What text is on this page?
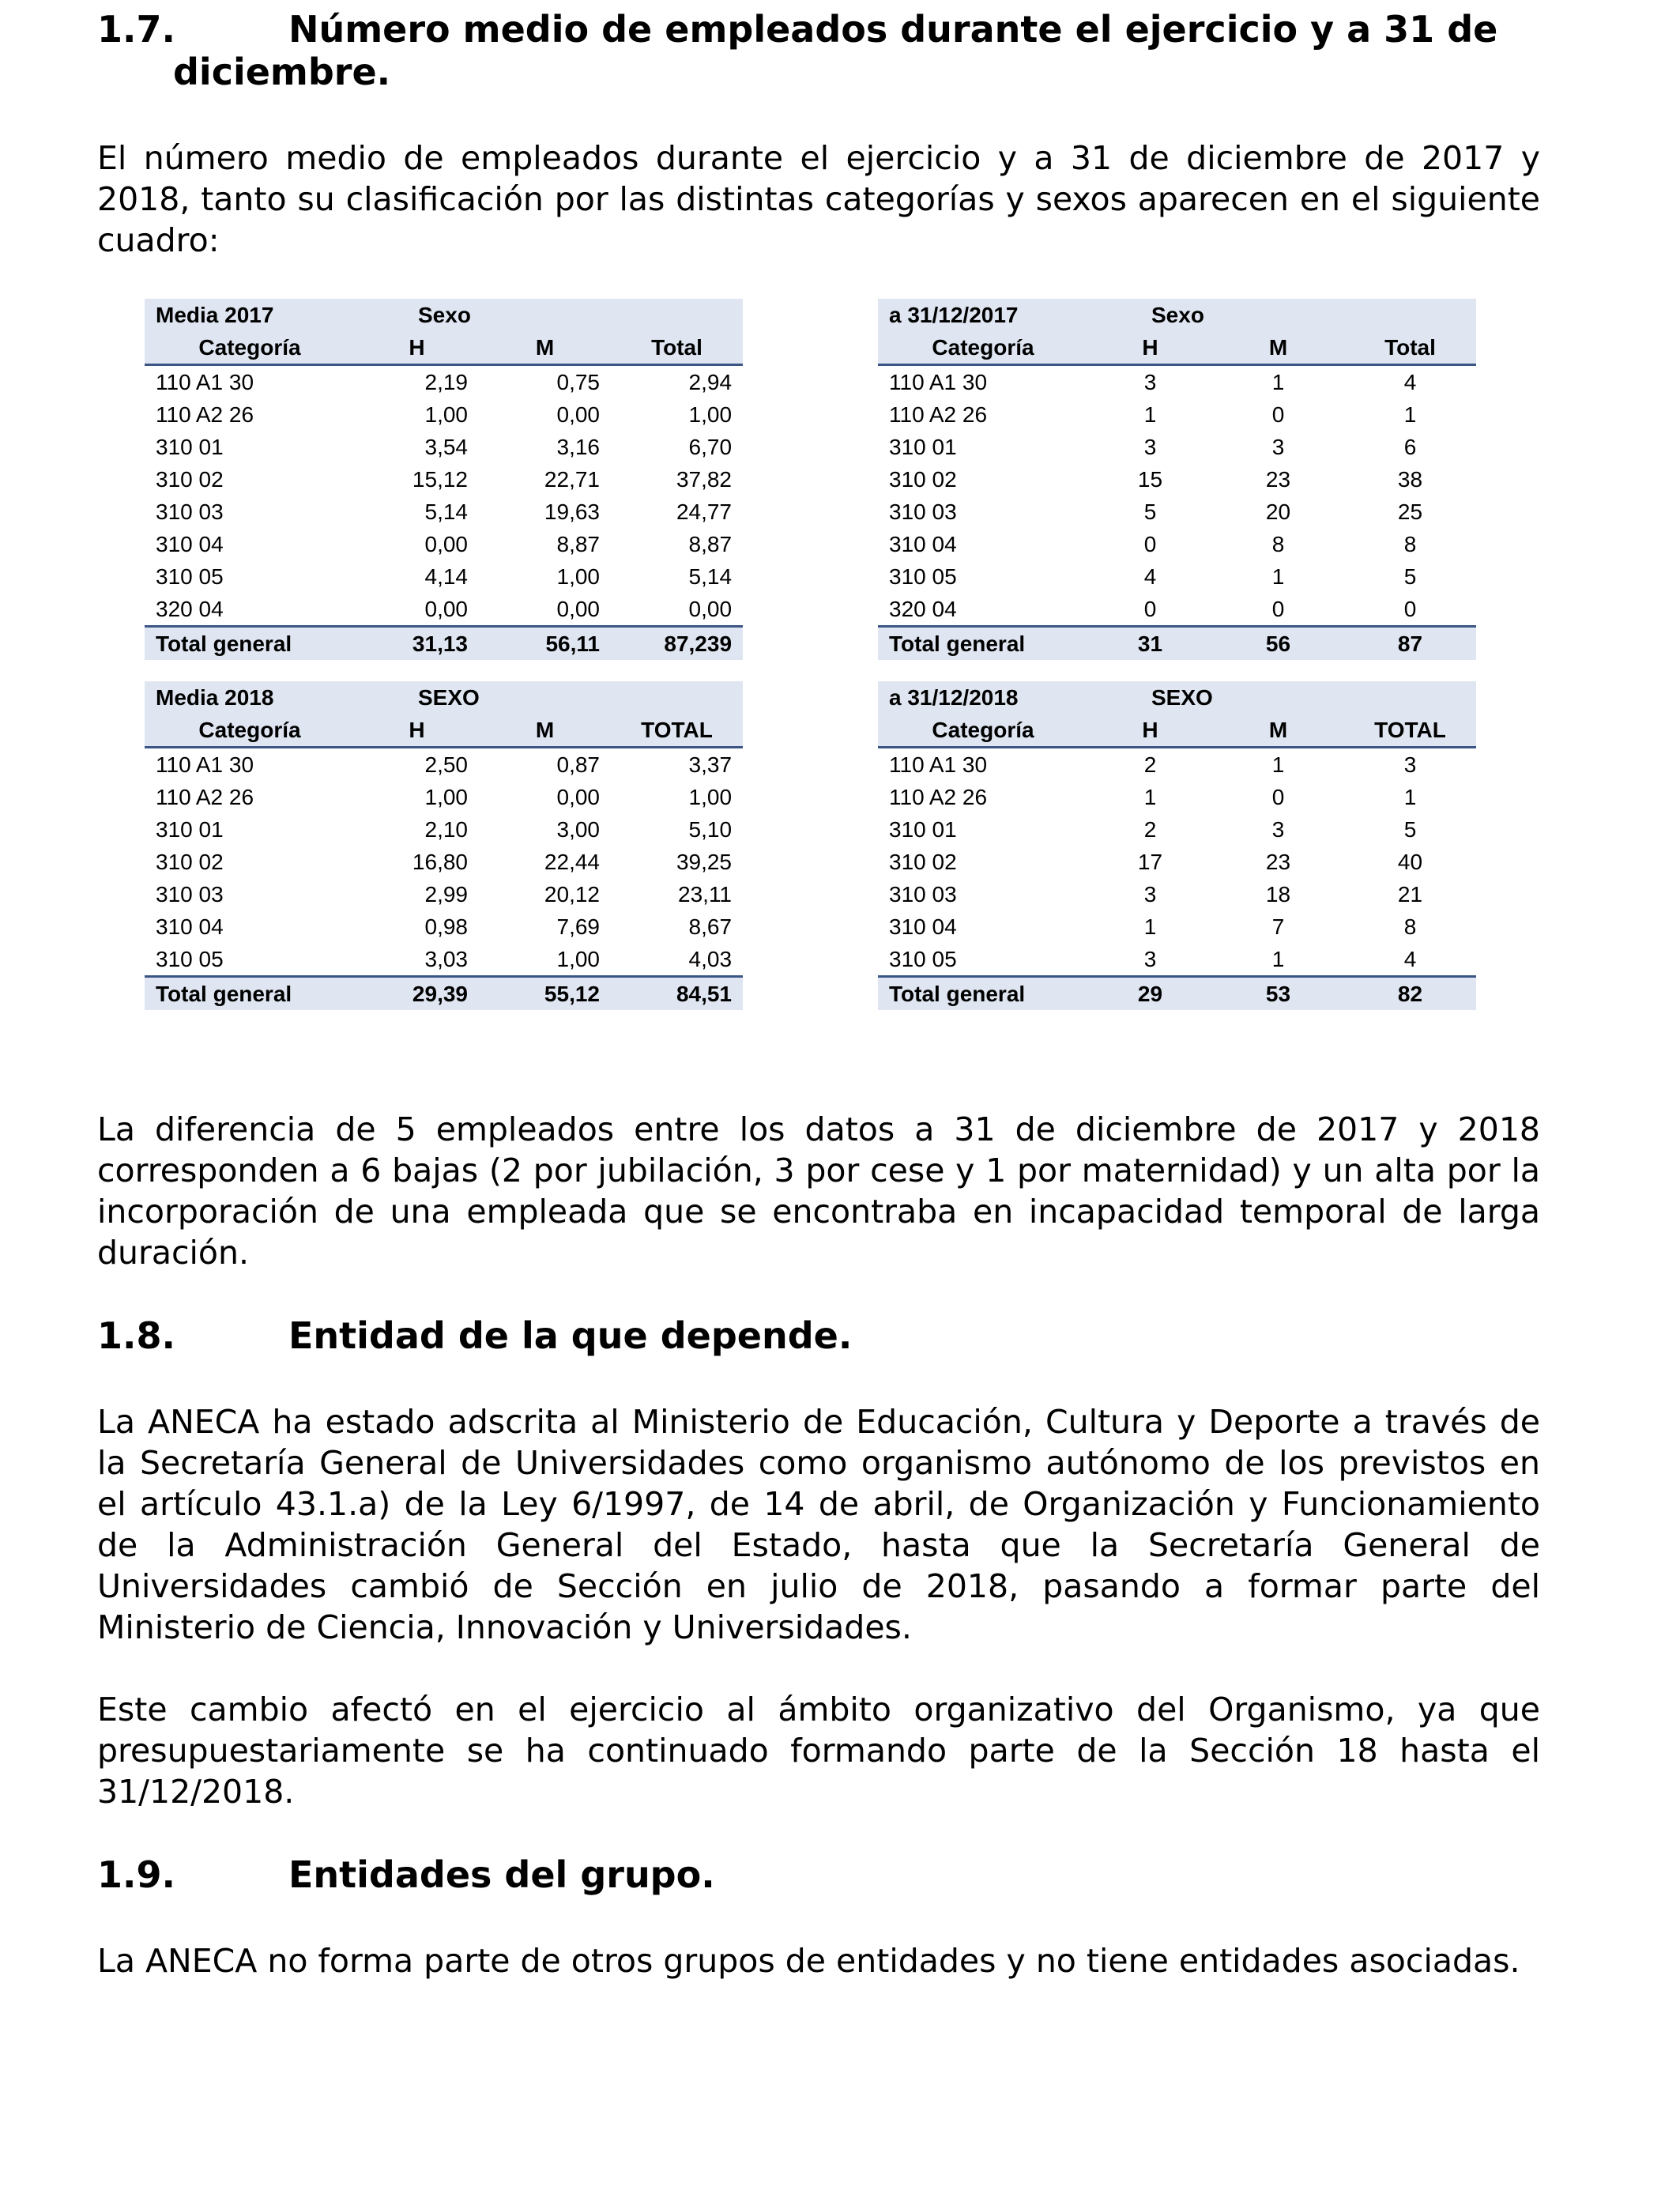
1.7.	Número medio de empleados durante el ejercicio y a 31 de
diciembre.

El número medio de empleados durante el ejercicio y a 31 de diciembre de 2017 y 2018, tanto su clasificación por las distintas categorías y sexos aparecen en el siguiente cuadro:

Media 2017	Sexo		
Categoría	H	M	Total
110 A1 30	2,19	0,75	2,94
110 A2 26	1,00	0,00	1,00
310 01	3,54	3,16	6,70
310 02	15,12	22,71	37,82
310 03	5,14	19,63	24,77
310 04	0,00	8,87	8,87
310 05	4,14	1,00	5,14
320 04	0,00	0,00	0,00
Total general	31,13	56,11	87,239
a 31/12/2017	Sexo		
Categoría	H	M	Total
110 A1 30	3	1	4
110 A2 26	1	0	1
310 01	3	3	6
310 02	15	23	38
310 03	5	20	25
310 04	0	8	8
310 05	4	1	5
320 04	0	0	0
Total general	31	56	87
Media 2018	SEXO		
Categoría	H	M	TOTAL
110 A1 30	2,50	0,87	3,37
110 A2 26	1,00	0,00	1,00
310 01	2,10	3,00	5,10
310 02	16,80	22,44	39,25
310 03	2,99	20,12	23,11
310 04	0,98	7,69	8,67
310 05	3,03	1,00	4,03
Total general	29,39	55,12	84,51
a 31/12/2018	SEXO		
Categoría	H	M	TOTAL
110 A1 30	2	1	3
110 A2 26	1	0	1
310 01	2	3	5
310 02	17	23	40
310 03	3	18	21
310 04	1	7	8
310 05	3	1	4
Total general	29	53	82

La diferencia de 5 empleados entre los datos a 31 de diciembre de 2017 y 2018 corresponden a 6 bajas (2 por jubilación, 3 por cese y 1 por maternidad) y un alta por la incorporación de una empleada que se encontraba en incapacidad temporal de larga duración.

1.8.	Entidad de la que depende.

La ANECA ha estado adscrita al Ministerio de Educación, Cultura y Deporte a través de la Secretaría General de Universidades como organismo autónomo de los previstos en el artículo 43.1.a) de la Ley 6/1997, de 14 de abril, de Organización y Funcionamiento de la Administración General del Estado, hasta que la Secretaría General de Universidades cambió de Sección en julio de 2018, pasando a formar parte del Ministerio de Ciencia, Innovación y Universidades.

Este cambio afectó en el ejercicio al ámbito organizativo del Organismo, ya que presupuestariamente se ha continuado formando parte de la Sección 18 hasta el 31/12/2018.

1.9.	Entidades del grupo.

La ANECA no forma parte de otros grupos de entidades y no tiene entidades asociadas.
